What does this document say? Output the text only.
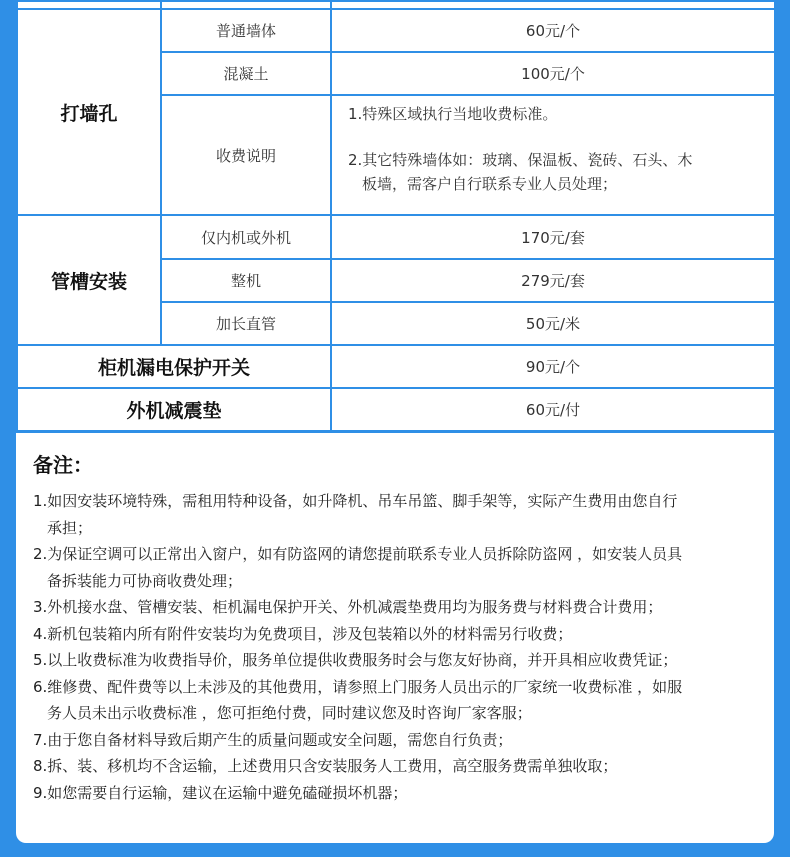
打墙孔	普通墙体	60元/个
	混凝土	100元/个
	收费说明	1.特殊区域执行当地收费标准。

2.其它特殊墙体如：玻璃、保温板、瓷砖、石头、木

板墙，需客户自行联系专业人员处理；

管槽安装	仅内机或外机	170元/套
	整机	279元/套
	加长直管	50元/米
柜机漏电保护开关		90元/个
外机减震垫		60元/付
备注：
1.如因安装环境特殊，需租用特种设备，如升降机、吊车吊篮、脚手架等，实际产生费用由您自行
承担；
2.为保证空调可以正常出入窗户，如有防盗网的请您提前联系专业人员拆除防盗网 ，如安装人员具
备拆装能力可协商收费处理；
3.外机接水盘、管槽安装、柜机漏电保护开关、外机减震垫费用均为服务费与材料费合计费用；
4.新机包装箱内所有附件安装均为免费项目，涉及包装箱以外的材料需另行收费；
5.以上收费标准为收费指导价，服务单位提供收费服务时会与您友好协商，并开具相应收费凭证；
6.维修费、配件费等以上未涉及的其他费用，请参照上门服务人员出示的厂家统一收费标准 ，如服
务人员未出示收费标准 ，您可拒绝付费，同时建议您及时咨询厂家客服；
7.由于您自备材料导致后期产生的质量问题或安全问题，需您自行负责；
8.拆、装、移机均不含运输，上述费用只含安装服务人工费用，高空服务费需单独收取；
9.如您需要自行运输，建议在运输中避免磕碰损坏机器；
